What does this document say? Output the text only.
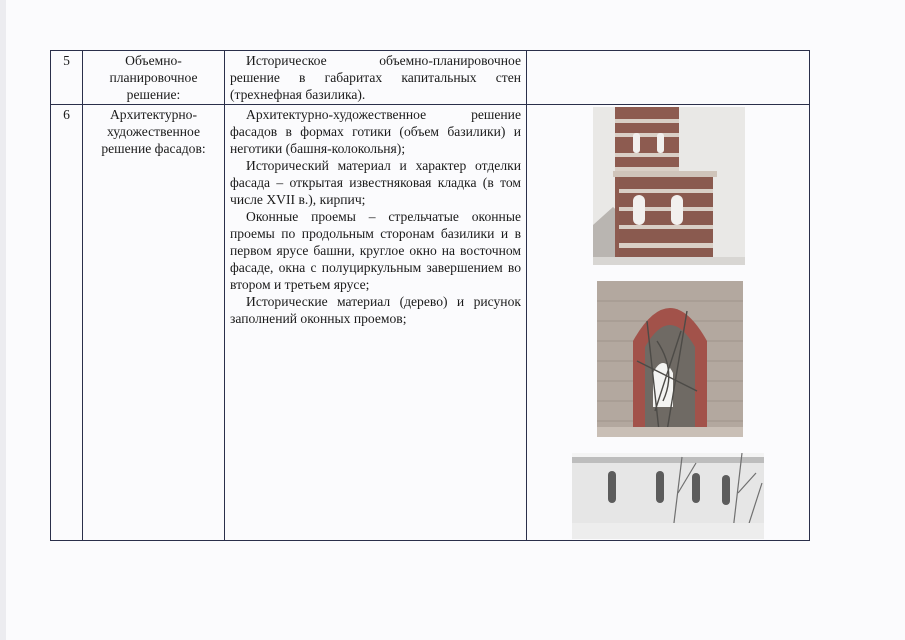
5	Объемно-планировочное решение:	Историческое объемно-планировочное решение в габаритах капитальных стен (трехнефная базилика).	

6	Архитектурно-художественное решение фасадов:	Архитектурно-художественное решение фасадов в формах готики (объем базилики) и неготики (башня-колокольня);

Исторический материал и характер отделки фасада – открытая известняковая кладка (в том числе XVII в.), кирпич;

Оконные проемы – стрельчатые оконные проемы по продольным сторонам базилики и в первом ярусе башни, круглое окно на восточном фасаде, окна с полуциркульным завершением во втором и третьем ярусе;

Исторические материал (дерево) и рисунок заполнений оконных проемов;
